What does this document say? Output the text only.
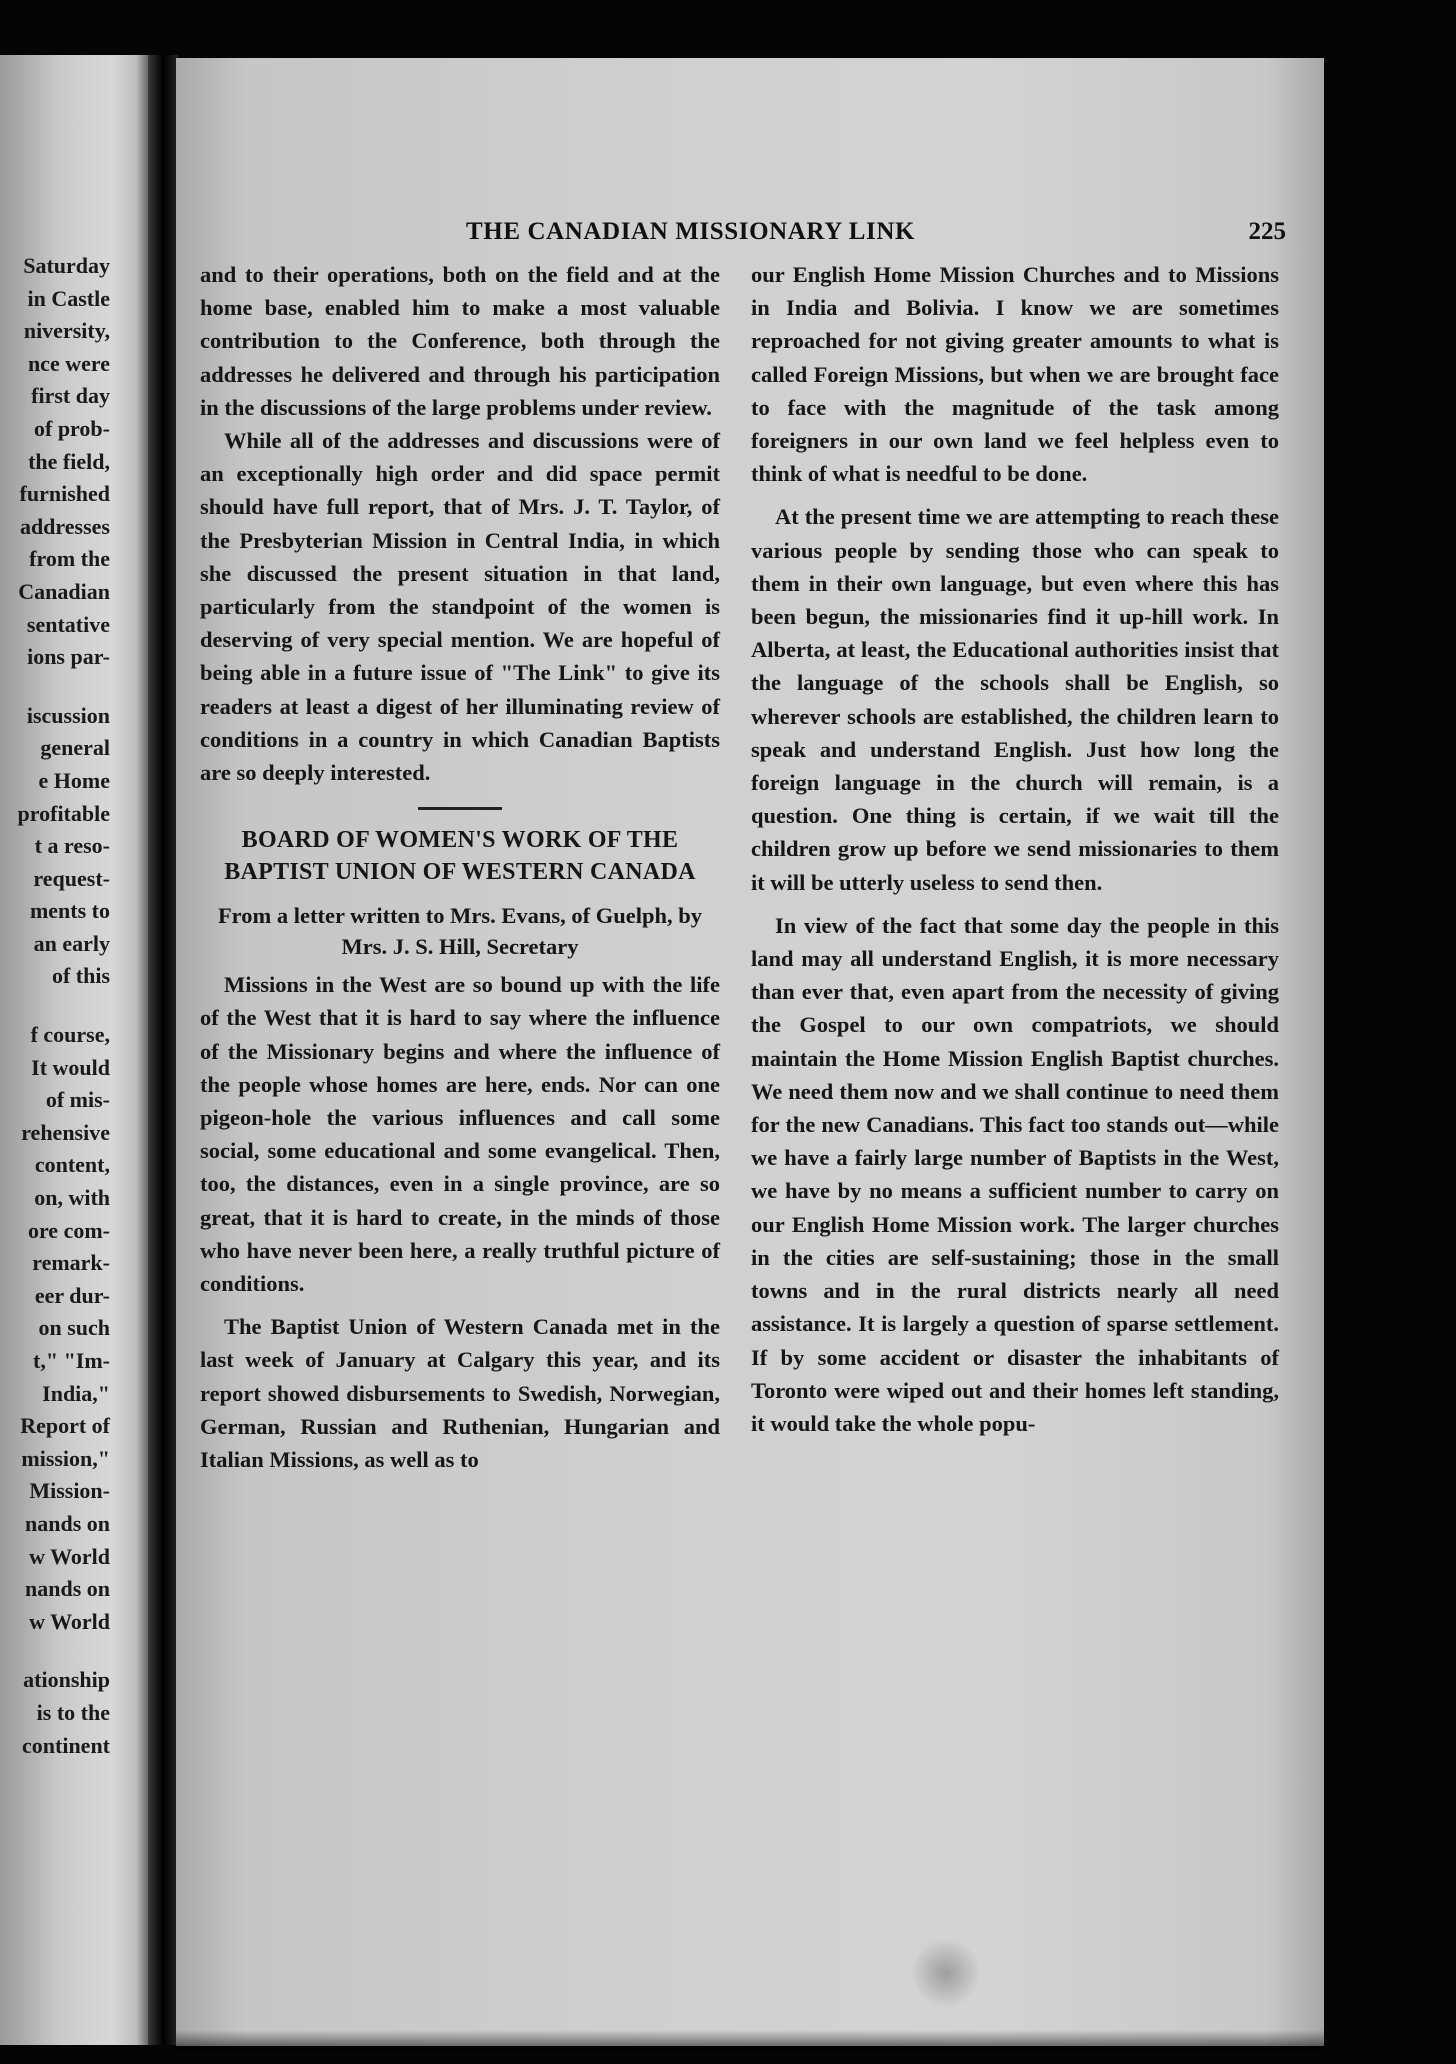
Saturday
in Castle
niversity,
nce were
first day
of prob-
the field,
furnished
addresses
from the
Canadian
sentative
ions par-
iscussion
general
e Home
profitable
t a reso-
request-
ments to
an early
of this
f course,
It would
of mis-
rehensive
content,
on, with
ore com-
remark-
eer dur-
on such
t," "Im-
India,"
Report of
mission,"
Mission-
nands on
w World
nands on
w World
ationship
is to the
continent
THE CANADIAN MISSIONARY LINK	225

and to their operations, both on the field and at the home base, enabled him to make a most valuable contribution to the Conference, both through the addresses he delivered and through his participation in the discussions of the large problems under review.

While all of the addresses and discussions were of an exceptionally high order and did space permit should have full report, that of Mrs. J. T. Taylor, of the Presbyterian Mission in Central India, in which she discussed the present situation in that land, particularly from the standpoint of the women is deserving of very special mention. We are hopeful of being able in a future issue of "The Link" to give its readers at least a digest of her illuminating review of conditions in a country in which Canadian Baptists are so deeply interested.

BOARD OF WOMEN'S WORK OF THE BAPTIST UNION OF WESTERN CANADA
From a letter written to Mrs. Evans, of Guelph, by Mrs. J. S. Hill, Secretary

Missions in the West are so bound up with the life of the West that it is hard to say where the influence of the Missionary begins and where the influence of the people whose homes are here, ends. Nor can one pigeon-hole the various influences and call some social, some educational and some evangelical. Then, too, the distances, even in a single province, are so great, that it is hard to create, in the minds of those who have never been here, a really truthful picture of conditions.

The Baptist Union of Western Canada met in the last week of January at Calgary this year, and its report showed disbursements to Swedish, Norwegian, German, Russian and Ruthenian, Hungarian and Italian Missions, as well as to

our English Home Mission Churches and to Missions in India and Bolivia. I know we are sometimes reproached for not giving greater amounts to what is called Foreign Missions, but when we are brought face to face with the magnitude of the task among foreigners in our own land we feel helpless even to think of what is needful to be done.

At the present time we are attempting to reach these various people by sending those who can speak to them in their own language, but even where this has been begun, the missionaries find it up-hill work. In Alberta, at least, the Educational authorities insist that the language of the schools shall be English, so wherever schools are established, the children learn to speak and understand English. Just how long the foreign language in the church will remain, is a question. One thing is certain, if we wait till the children grow up before we send missionaries to them it will be utterly useless to send then.

In view of the fact that some day the people in this land may all understand English, it is more necessary than ever that, even apart from the necessity of giving the Gospel to our own compatriots, we should maintain the Home Mission English Baptist churches. We need them now and we shall continue to need them for the new Canadians. This fact too stands out—while we have a fairly large number of Baptists in the West, we have by no means a sufficient number to carry on our English Home Mission work. The larger churches in the cities are self-sustaining; those in the small towns and in the rural districts nearly all need assistance. It is largely a question of sparse settlement. If by some accident or disaster the inhabitants of Toronto were wiped out and their homes left standing, it would take the whole popu-
